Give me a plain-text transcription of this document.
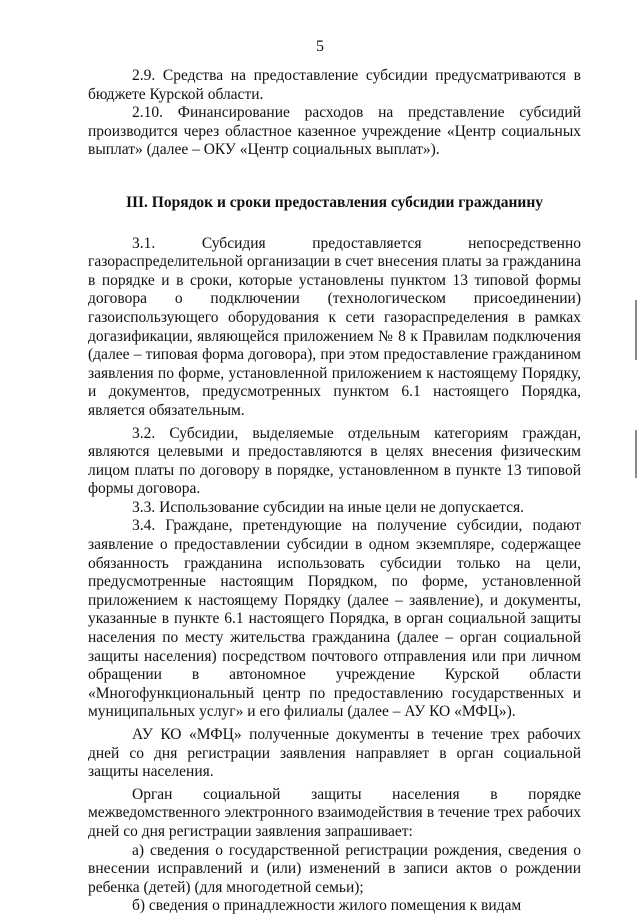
5

2.9. Средства на предоставление субсидии предусматриваются в бюджете Курской области.

2.10. Финансирование расходов на представление субсидий производится через областное казенное учреждение «Центр социальных выплат» (далее – ОКУ «Центр социальных выплат»).

III. Порядок и сроки предоставления субсидии гражданину

3.1. Субсидия предоставляется непосредственно газораспределительной организации в счет внесения платы за гражданина в порядке и в сроки, которые установлены пунктом 13 типовой формы договора о подключении (технологическом присоединении) газоиспользующего оборудования к сети газораспределения в рамках догазификации, являющейся приложением № 8 к Правилам подключения (далее – типовая форма договора), при этом предоставление гражданином заявления по форме, установленной приложением к настоящему Порядку, и документов, предусмотренных пунктом 6.1 настоящего Порядка, является обязательным.

3.2. Субсидии, выделяемые отдельным категориям граждан, являются целевыми и предоставляются в целях внесения физическим лицом платы по договору в порядке, установленном в пункте 13 типовой формы договора.

3.3. Использование субсидии на иные цели не допускается.

3.4. Граждане, претендующие на получение субсидии, подают заявление о предоставлении субсидии в одном экземпляре, содержащее обязанность гражданина использовать субсидии только на цели, предусмотренные настоящим Порядком, по форме, установленной приложением к настоящему Порядку (далее – заявление), и документы, указанные в пункте 6.1 настоящего Порядка, в орган социальной защиты населения по месту жительства гражданина (далее – орган социальной защиты населения) посредством почтового отправления или при личном обращении в автономное учреждение Курской области «Многофункциональный центр по предоставлению государственных и муниципальных услуг» и его филиалы (далее – АУ КО «МФЦ»).

АУ КО «МФЦ» полученные документы в течение трех рабочих дней со дня регистрации заявления направляет в орган социальной защиты населения.

Орган социальной защиты населения в порядке межведомственного электронного взаимодействия в течение трех рабочих дней со дня регистрации заявления запрашивает:

а) сведения о государственной регистрации рождения, сведения о внесении исправлений и (или) изменений в записи актов о рождении ребенка (детей) (для многодетной семьи);

б) сведения о принадлежности жилого помещения к видам
